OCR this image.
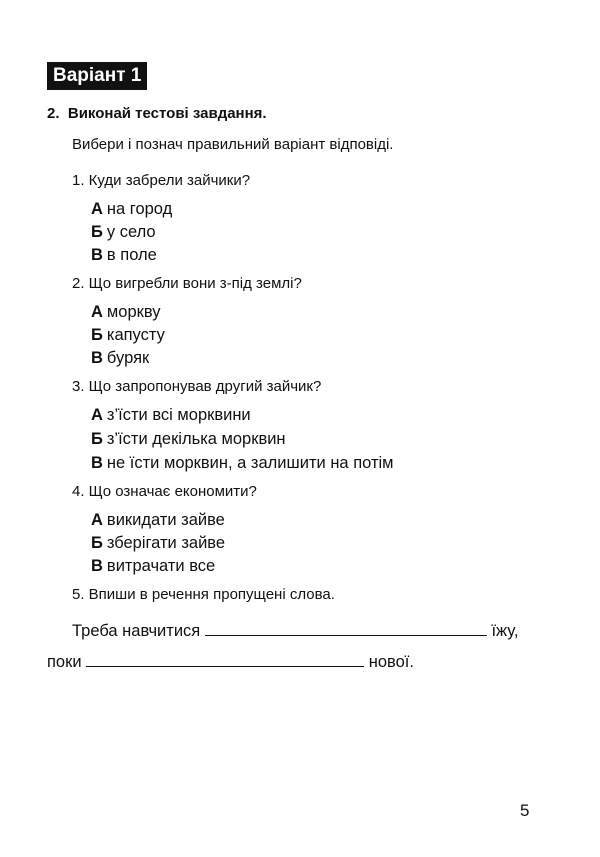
Варіант 1
2. Виконай тестові завдання.
Вибери і познач правильний варіант відповіді.
1. Куди забрели зайчики?
А на город
Б у село
В в поле
2. Що вигребли вони з-під землі?
А моркву
Б капусту
В буряк
3. Що запропонував другий зайчик?
А з’їсти всі морквини
Б з’їсти декілька морквин
В не їсти морквин, а залишити на потім
4. Що означає економити?
А викидати зайве
Б зберігати зайве
В витрачати все
5. Впиши в речення пропущені слова.
Треба навчитися	їжу,
поки	нової.
5
